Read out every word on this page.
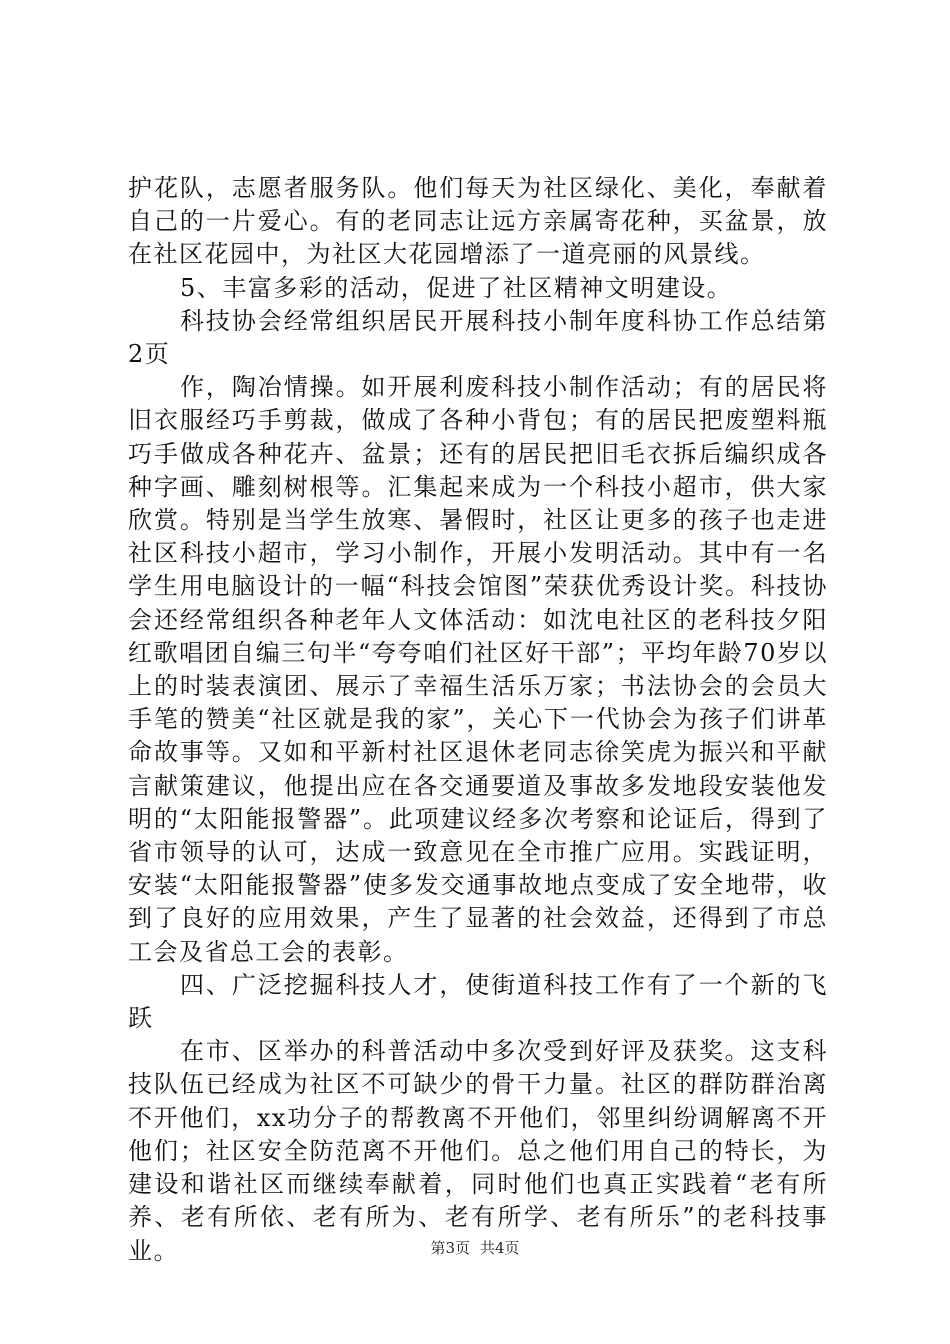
护花队，志愿者服务队。他们每天为社区绿化、美化，奉献着自己的一片爱心。有的老同志让远方亲属寄花种，买盆景，放在社区花园中，为社区大花园增添了一道亮丽的风景线。

5、丰富多彩的活动，促进了社区精神文明建设。

科技协会经常组织居民开展科技小制年度科协工作总结第2页

作，陶冶情操。如开展利废科技小制作活动；有的居民将旧衣服经巧手剪裁，做成了各种小背包；有的居民把废塑料瓶巧手做成各种花卉、盆景；还有的居民把旧毛衣拆后编织成各种字画、雕刻树根等。汇集起来成为一个科技小超市，供大家欣赏。特别是当学生放寒、暑假时，社区让更多的孩子也走进社区科技小超市，学习小制作，开展小发明活动。其中有一名学生用电脑设计的一幅“科技会馆图”荣获优秀设计奖。科技协会还经常组织各种老年人文体活动：如沈电社区的老科技夕阳红歌唱团自编三句半“夸夸咱们社区好干部”；平均年龄70岁以上的时装表演团、展示了幸福生活乐万家；书法协会的会员大手笔的赞美“社区就是我的家”，关心下一代协会为孩子们讲革命故事等。又如和平新村社区退休老同志徐笑虎为振兴和平献言献策建议，他提出应在各交通要道及事故多发地段安装他发明的“太阳能报警器”。此项建议经多次考察和论证后，得到了省市领导的认可，达成一致意见在全市推广应用。实践证明，安装“太阳能报警器”使多发交通事故地点变成了安全地带，收到了良好的应用效果，产生了显著的社会效益，还得到了市总工会及省总工会的表彰。

四、广泛挖掘科技人才，使街道科技工作有了一个新的飞跃

在市、区举办的科普活动中多次受到好评及获奖。这支科技队伍已经成为社区不可缺少的骨干力量。社区的群防群治离不开他们，xx功分子的帮教离不开他们，邻里纠纷调解离不开他们；社区安全防范离不开他们。总之他们用自己的特长，为建设和谐社区而继续奉献着，同时他们也真正实践着“老有所养、老有所依、老有所为、老有所学、老有所乐”的老科技事业。	第3页 共4页
